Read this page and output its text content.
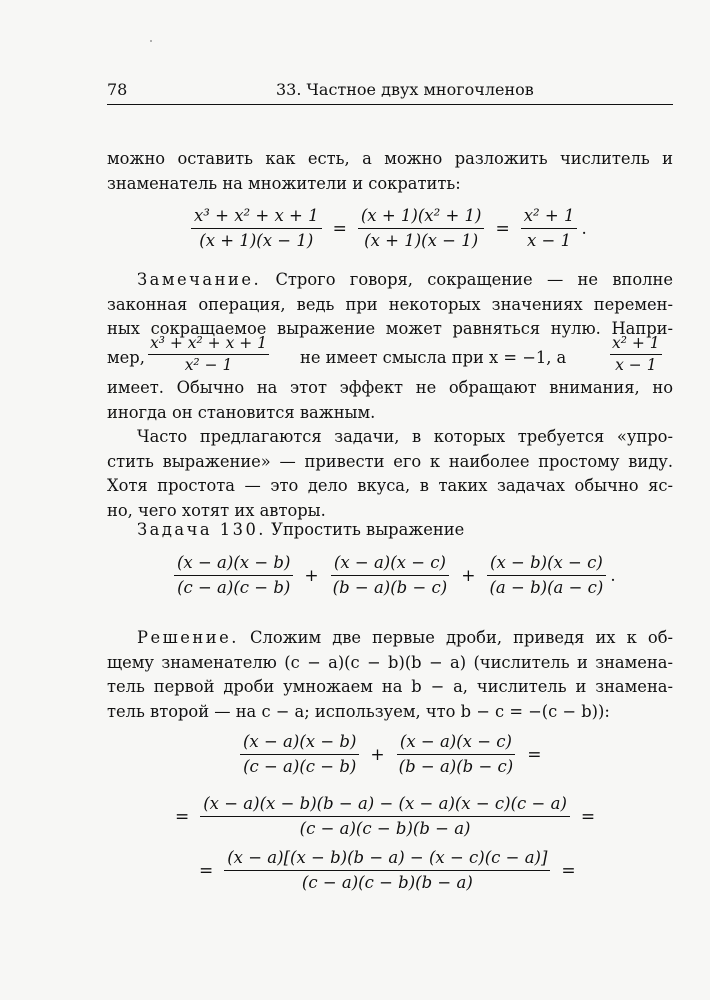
78	33. Частное двух многочленов
можно оставить как есть, а можно разложить числитель и
знаменатель на множители и сократить:
$\frac{\text{x³ + x² + x + 1}}{(x + 1)(x - 1)} = \frac{\text{(x + 1)(x² + 1)}}{(x + 1)(x - 1)} = \frac{\text{x² + 1}}{x - 1}$ .
Замечание. Строго говоря, сокращение — не вполне
законная операция, ведь при некоторых значениях перемен-
ных сокращаемое выражение может равняться нулю. Напри-
мер, $\frac{\text{x³ + x² + x + 1}}{\text{x² − 1}}$ не имеет смысла при x = −1, а	$\frac{\text{x² + 1}}{x - 1}$
имеет. Обычно на этот эффект не обращают внимания, но
иногда он становится важным.
Часто предлагаются задачи, в которых требуется «упро-
стить выражение» — привести его к наиболее простому виду.
Хотя простота — это дело вкуса, в таких задачах обычно яс-
но, чего хотят их авторы.
Задача 130. Упростить выражение
$\frac{(x - a)(x - b)}{(c - a)(c - b)} + \frac{(x - a)(x - c)}{(b - a)(b - c)} + \frac{(x - b)(x - c)}{(a - b)(a - c)}$ .
Решение. Сложим две первые дроби, приведя их к об-
щему знаменателю (c − a)(c − b)(b − a) (числитель и знамена-
тель первой дроби умножаем на b − a, числитель и знамена-
тель второй — на c − a; используем, что b − c = −(c − b)):
$\frac{(x - a)(x - b)}{(c - a)(c - b)} + \frac{(x - a)(x - c)}{(b - a)(b - c)}$ =
= $\frac{(x - a)(x - b)(b - a) - (x - a)(x - c)(c - a)}{(c - a)(c - b)(b - a)}$ =
= $\frac{(x - a)[(x - b)(b - a) - (x - c)(c - a)]}{(c - a)(c - b)(b - a)}$ =
